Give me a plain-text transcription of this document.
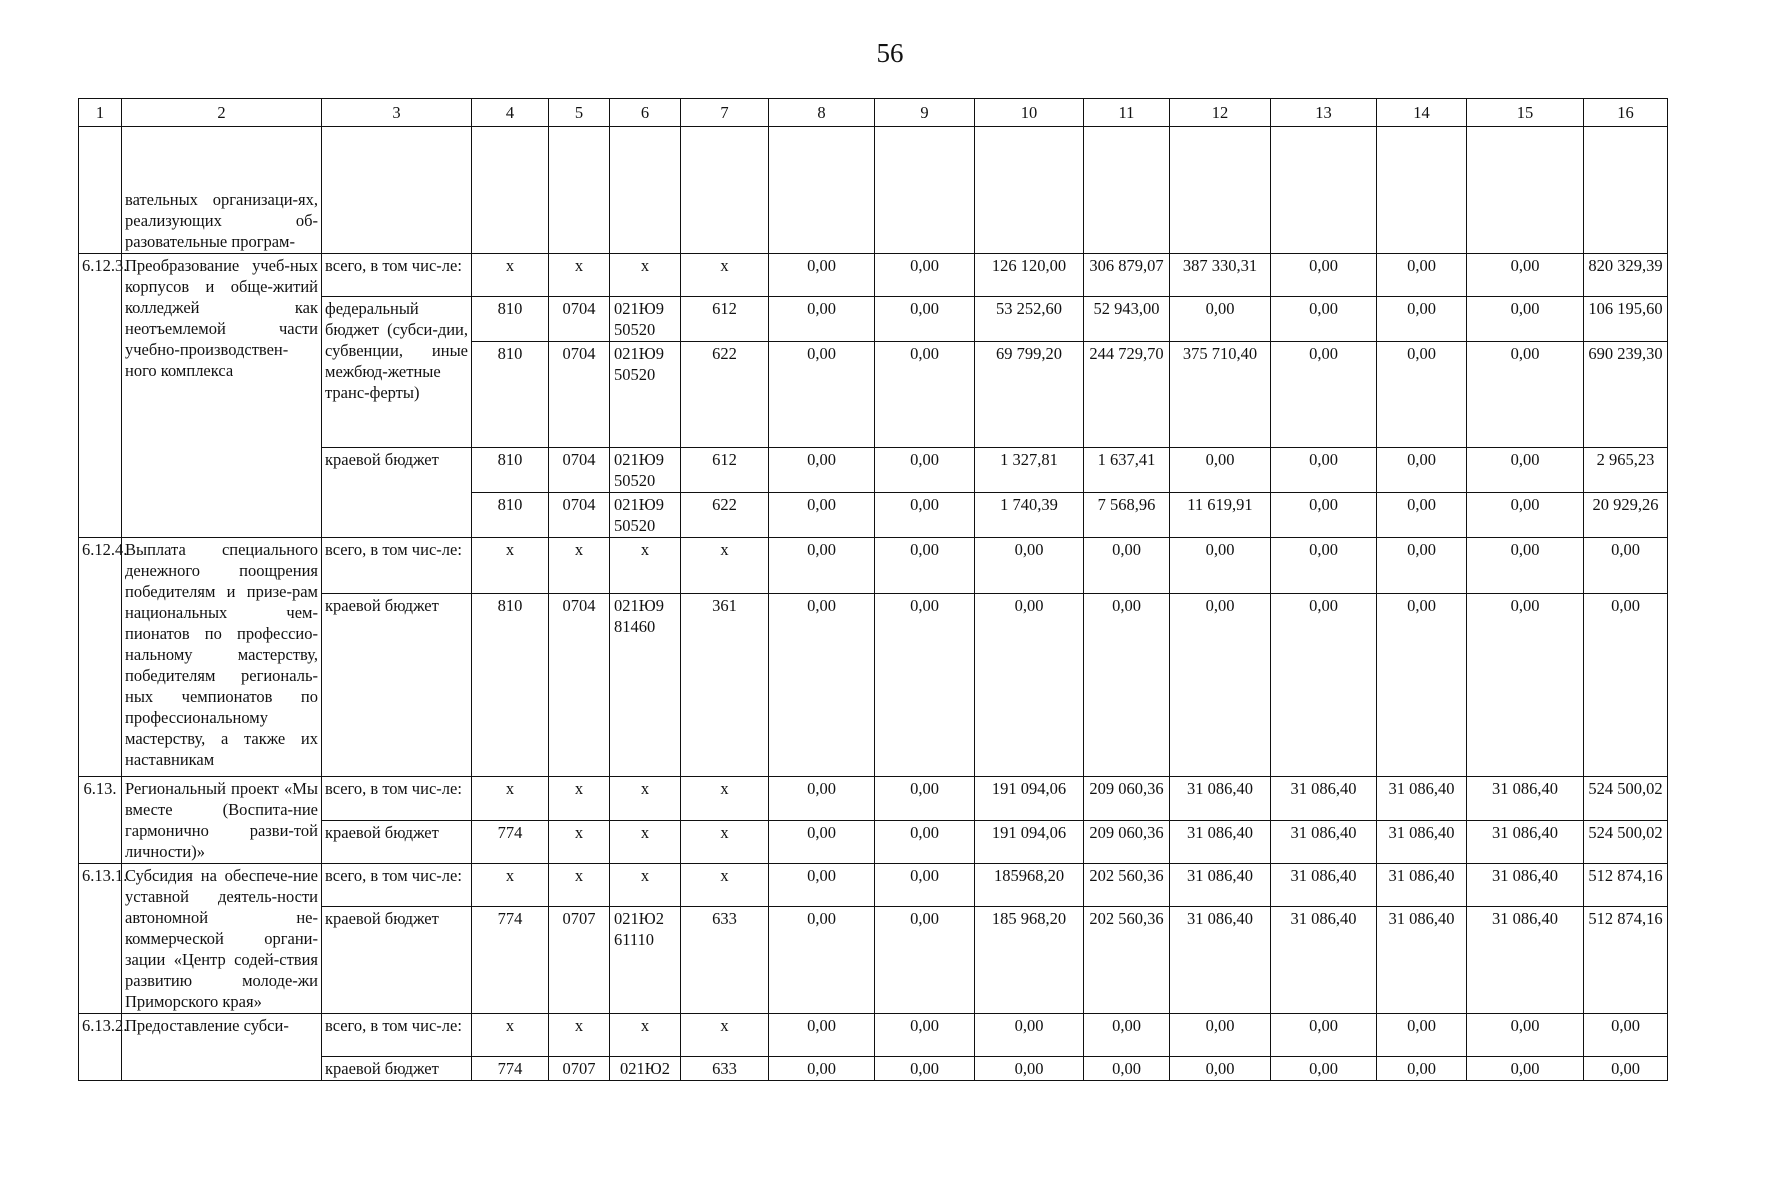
56
1	2	3	4	5	6	7	8	9	10	11	12	13	14	15	16
	вательных организаци-ях, реализующих об-разовательные програм-														
6.12.3.	Преобразование учеб-ных корпусов и обще-житий колледжей как неотъемлемой части учебно-производствен-ного комплекса	всего, в том чис-ле:	x	x	x	x	0,00	0,00	126 120,00	306 879,07	387 330,31	0,00	0,00	0,00	820 329,39
		федеральный бюджет (субси-дии, субвенции, иные межбюд-жетные транс-ферты)	810	0704	021Ю9 50520	612	0,00	0,00	53 252,60	52 943,00	0,00	0,00	0,00	0,00	106 195,60
			810	0704	021Ю9 50520	622	0,00	0,00	69 799,20	244 729,70	375 710,40	0,00	0,00	0,00	690 239,30
		краевой бюджет	810	0704	021Ю9 50520	612	0,00	0,00	1 327,81	1 637,41	0,00	0,00	0,00	0,00	2 965,23
			810	0704	021Ю9 50520	622	0,00	0,00	1 740,39	7 568,96	11 619,91	0,00	0,00	0,00	20 929,26
6.12.4.	Выплата специального денежного поощрения победителям и призе-рам национальных чем-пионатов по профессио-нальному мастерству, победителям региональ-ных чемпионатов по профессиональному мастерству, а также их наставникам	всего, в том чис-ле:	x	x	x	x	0,00	0,00	0,00	0,00	0,00	0,00	0,00	0,00	0,00
		краевой бюджет	810	0704	021Ю9 81460	361	0,00	0,00	0,00	0,00	0,00	0,00	0,00	0,00	0,00
6.13.	Региональный проект «Мы вместе (Воспита-ние гармонично разви-той личности)»	всего, в том чис-ле:	x	x	x	x	0,00	0,00	191 094,06	209 060,36	31 086,40	31 086,40	31 086,40	31 086,40	524 500,02
		краевой бюджет	774	x	x	x	0,00	0,00	191 094,06	209 060,36	31 086,40	31 086,40	31 086,40	31 086,40	524 500,02
6.13.1.	Субсидия на обеспече-ние уставной деятель-ности автономной не-коммерческой органи-зации «Центр содей-ствия развитию молоде-жи Приморского края»	всего, в том чис-ле:	x	x	x	x	0,00	0,00	185968,20	202 560,36	31 086,40	31 086,40	31 086,40	31 086,40	512 874,16
		краевой бюджет	774	0707	021Ю2 61110	633	0,00	0,00	185 968,20	202 560,36	31 086,40	31 086,40	31 086,40	31 086,40	512 874,16
6.13.2.	Предоставление субси-	всего, в том чис-ле:	x	x	x	x	0,00	0,00	0,00	0,00	0,00	0,00	0,00	0,00	0,00
		краевой бюджет	774	0707	021Ю2	633	0,00	0,00	0,00	0,00	0,00	0,00	0,00	0,00	0,00
